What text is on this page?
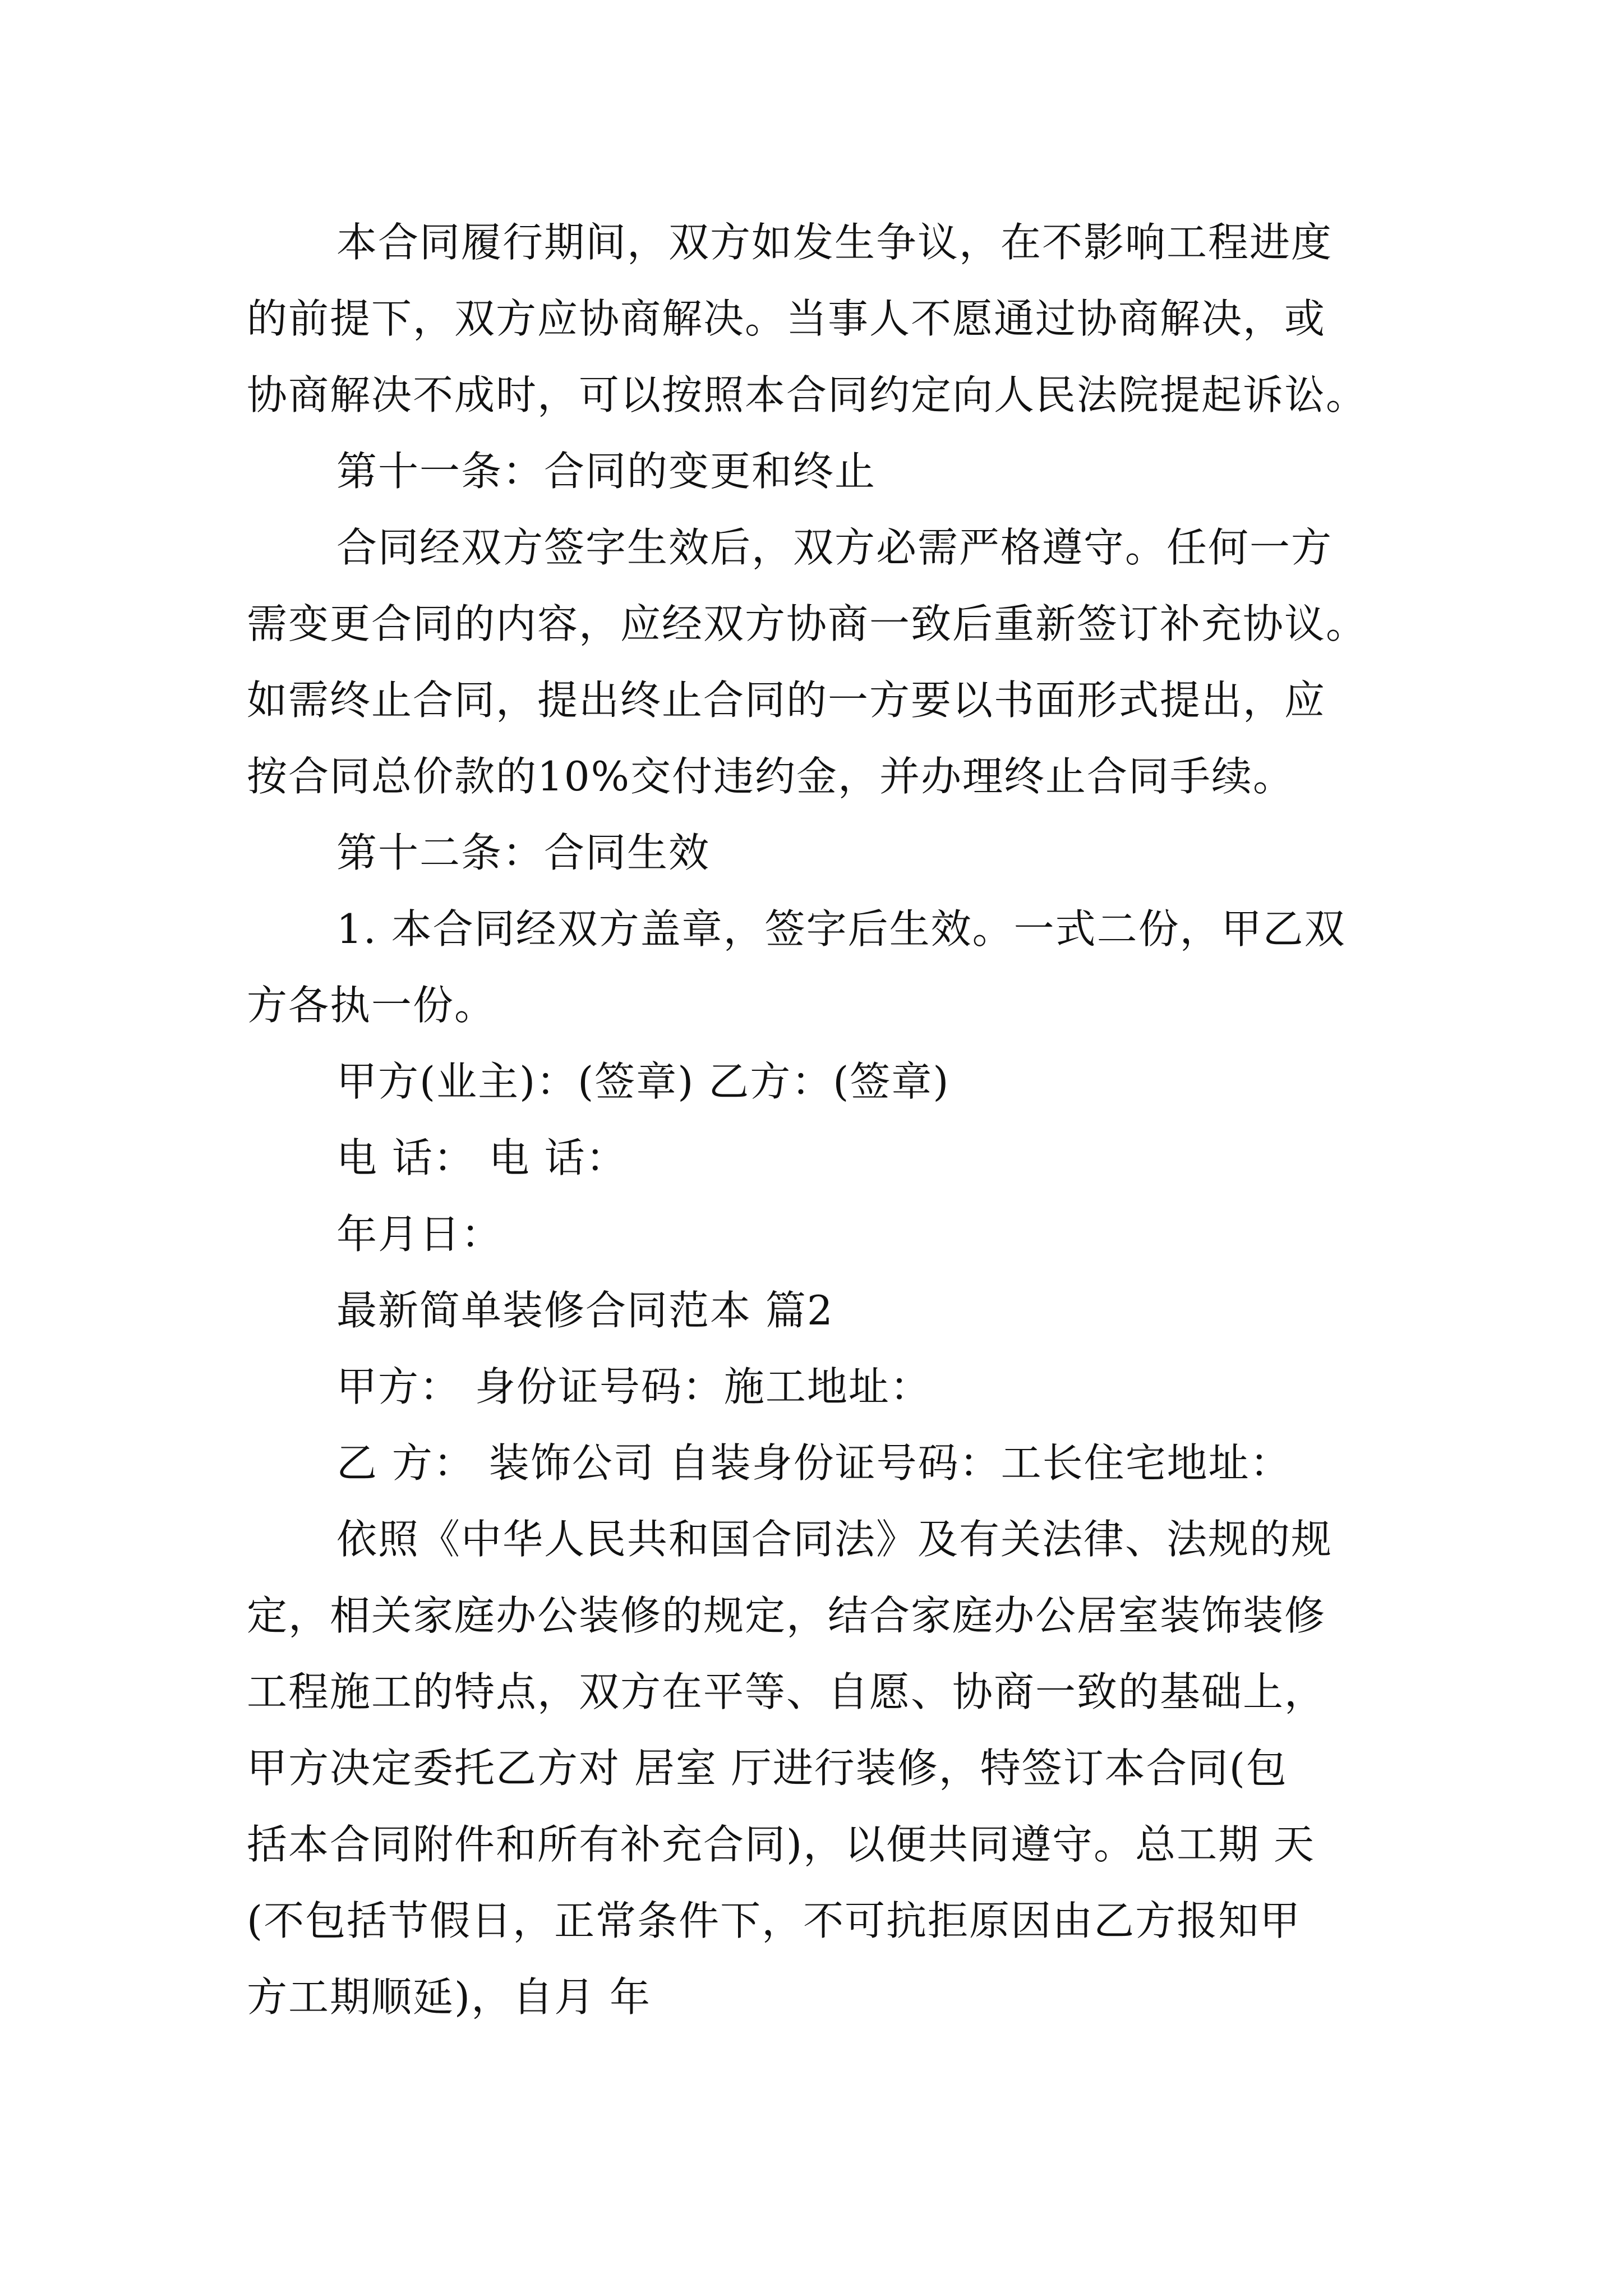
本合同履行期间，双方如发生争议，在不影响工程进度
的前提下，双方应协商解决。当事人不愿通过协商解决，或
协商解决不成时，可以按照本合同约定向人民法院提起诉讼。
第十一条：合同的变更和终止
合同经双方签字生效后，双方必需严格遵守。任何一方
需变更合同的内容，应经双方协商一致后重新签订补充协议。
如需终止合同，提出终止合同的一方要以书面形式提出，应
按合同总价款的10%交付违约金，并办理终止合同手续。
第十二条：合同生效
1. 本合同经双方盖章，签字后生效。一式二份，甲乙双
方各执一份。
甲方(业主)：(签章) 乙方：(签章)
电 话： 电 话：
年月日：
最新简单装修合同范本 篇2
甲方： 身份证号码：施工地址：
乙 方： 装饰公司 自装身份证号码：工长住宅地址：
依照《中华人民共和国合同法》及有关法律、法规的规
定，相关家庭办公装修的规定，结合家庭办公居室装饰装修
工程施工的特点，双方在平等、自愿、协商一致的基础上，
甲方决定委托乙方对 居室 厅进行装修，特签订本合同(包
括本合同附件和所有补充合同)，以便共同遵守。总工期 天
(不包括节假日，正常条件下，不可抗拒原因由乙方报知甲
方工期顺延)，自月 年
